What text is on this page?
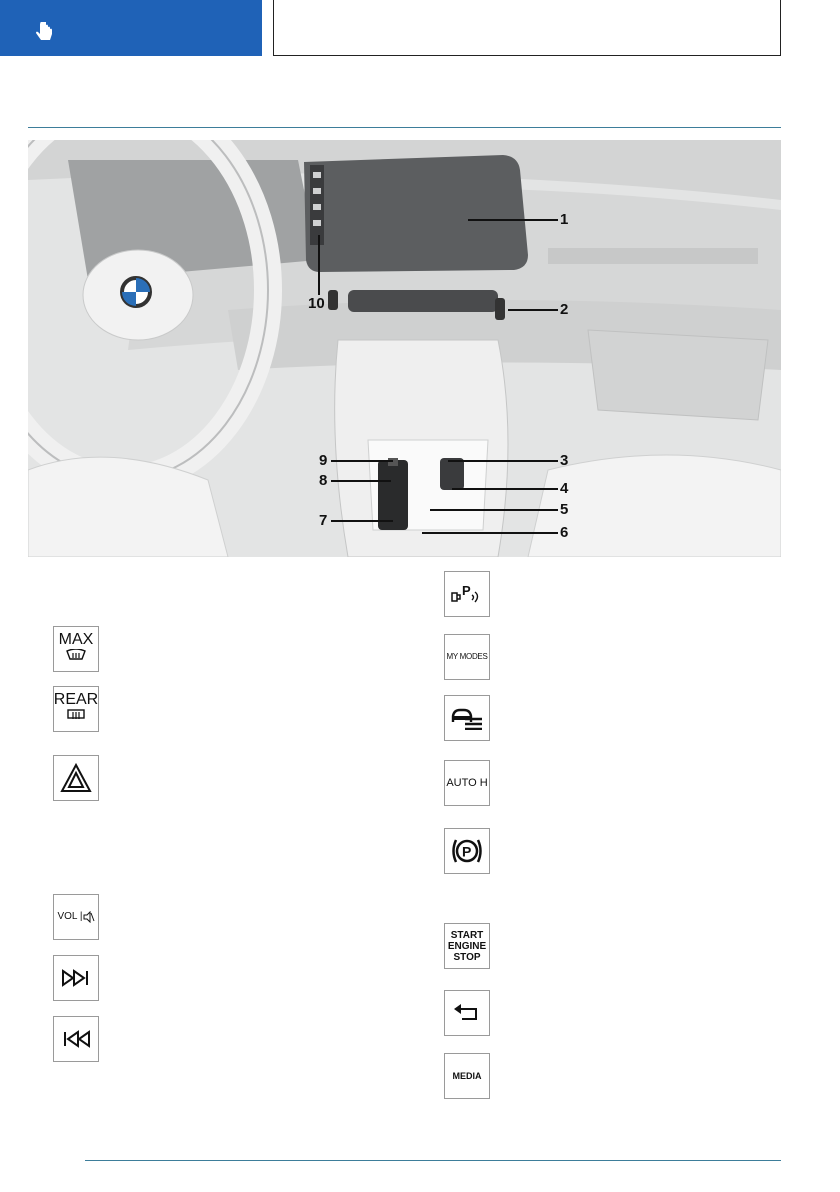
1
2
3
4
5
6
7
8
9
10
MAX
REAR
VOL |
P
MY MODES
AUTO H
P
START
ENGINE
STOP
MEDIA
